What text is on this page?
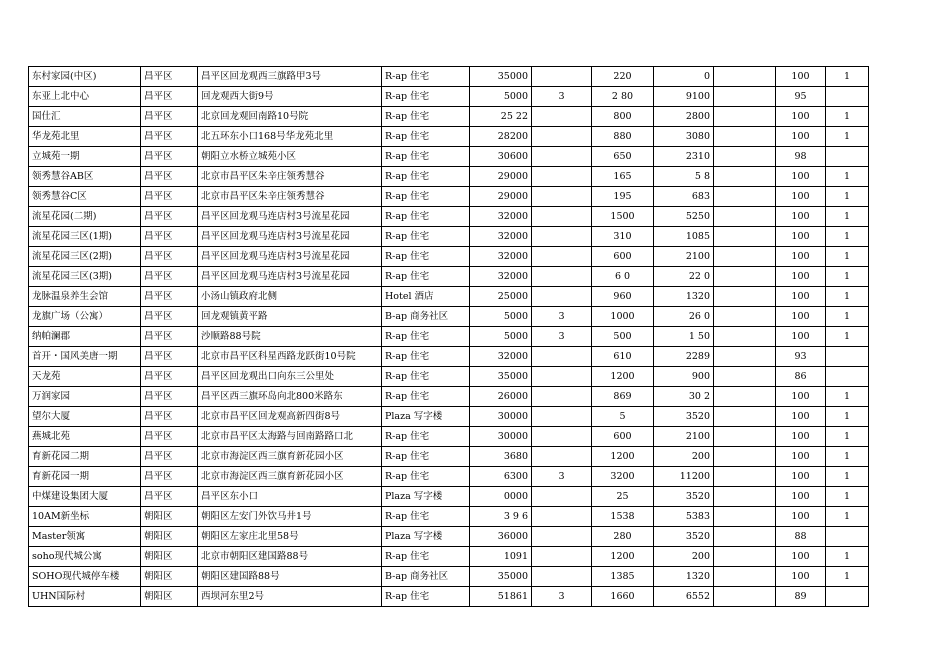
东村家园(中区)	昌平区	昌平区回龙观西三旗路甲3号	R-ap 住宅	35000		220	0		100	1
东亚上北中心	昌平区	回龙观西大街9号	R-ap 住宅	5000	3	2 80	9100		95	
国仕汇	昌平区	北京回龙观回南路10号院	R-ap 住宅	25 22		800	2800		100	1
华龙苑北里	昌平区	北五环东小口168号华龙苑北里	R-ap 住宅	28200		880	3080		100	1
立城苑一期	昌平区	朝阳立水桥立城苑小区	R-ap 住宅	30600		650	2310		98	
领秀慧谷AB区	昌平区	北京市昌平区朱辛庄领秀慧谷	R-ap 住宅	29000		165	5 8		100	1
领秀慧谷C区	昌平区	北京市昌平区朱辛庄领秀慧谷	R-ap 住宅	29000		195	683		100	1
流星花园(二期)	昌平区	昌平区回龙观马连店村3号流星花园	R-ap 住宅	32000		1500	5250		100	1
流星花园三区(1期)	昌平区	昌平区回龙观马连店村3号流星花园	R-ap 住宅	32000		310	1085		100	1
流星花园三区(2期)	昌平区	昌平区回龙观马连店村3号流星花园	R-ap 住宅	32000		600	2100		100	1
流星花园三区(3期)	昌平区	昌平区回龙观马连店村3号流星花园	R-ap 住宅	32000		6 0	22 0		100	1
龙脉温泉养生会馆	昌平区	小汤山镇政府北侧	Hotel 酒店	25000		960	1320		100	1
龙旗广场（公寓）	昌平区	回龙观镇黄平路	B-ap 商务社区	5000	3	1000	26 0		100	1
纳帕澜郡	昌平区	沙顺路88号院	R-ap 住宅	5000	3	500	1 50		100	1
首开・国风美唐一期	昌平区	北京市昌平区科星西路龙跃街10号院	R-ap 住宅	32000		610	2289		93	
天龙苑	昌平区	昌平区回龙观出口向东三公里处	R-ap 住宅	35000		1200	900		86	
万润家园	昌平区	昌平区西三旗环岛向北800米路东	R-ap 住宅	26000		869	30 2		100	1
望尔大厦	昌平区	北京市昌平区回龙观高新四街8号	Plaza 写字楼	30000		5	3520		100	1
燕城北苑	昌平区	北京市昌平区太海路与回南路路口北	R-ap 住宅	30000		600	2100		100	1
育新花园二期	昌平区	北京市海淀区西三旗育新花园小区	R-ap 住宅	3680		1200	200		100	1
育新花园一期	昌平区	北京市海淀区西三旗育新花园小区	R-ap 住宅	6300	3	3200	11200		100	1
中煤建设集团大厦	昌平区	昌平区东小口	Plaza 写字楼	0000		25	3520		100	1
10AM新坐标	朝阳区	朝阳区左安门外饮马井1号	R-ap 住宅	3 9 6		1538	5383		100	1
Master领寓	朝阳区	朝阳区左家庄北里58号	Plaza 写字楼	36000		280	3520		88	
soho现代城公寓	朝阳区	北京市朝阳区建国路88号	R-ap 住宅	1091		1200	200		100	1
SOHO现代城停车楼	朝阳区	朝阳区建国路88号	B-ap 商务社区	35000		1385	1320		100	1
UHN国际村	朝阳区	西坝河东里2号	R-ap 住宅	51861	3	1660	6552		89	
